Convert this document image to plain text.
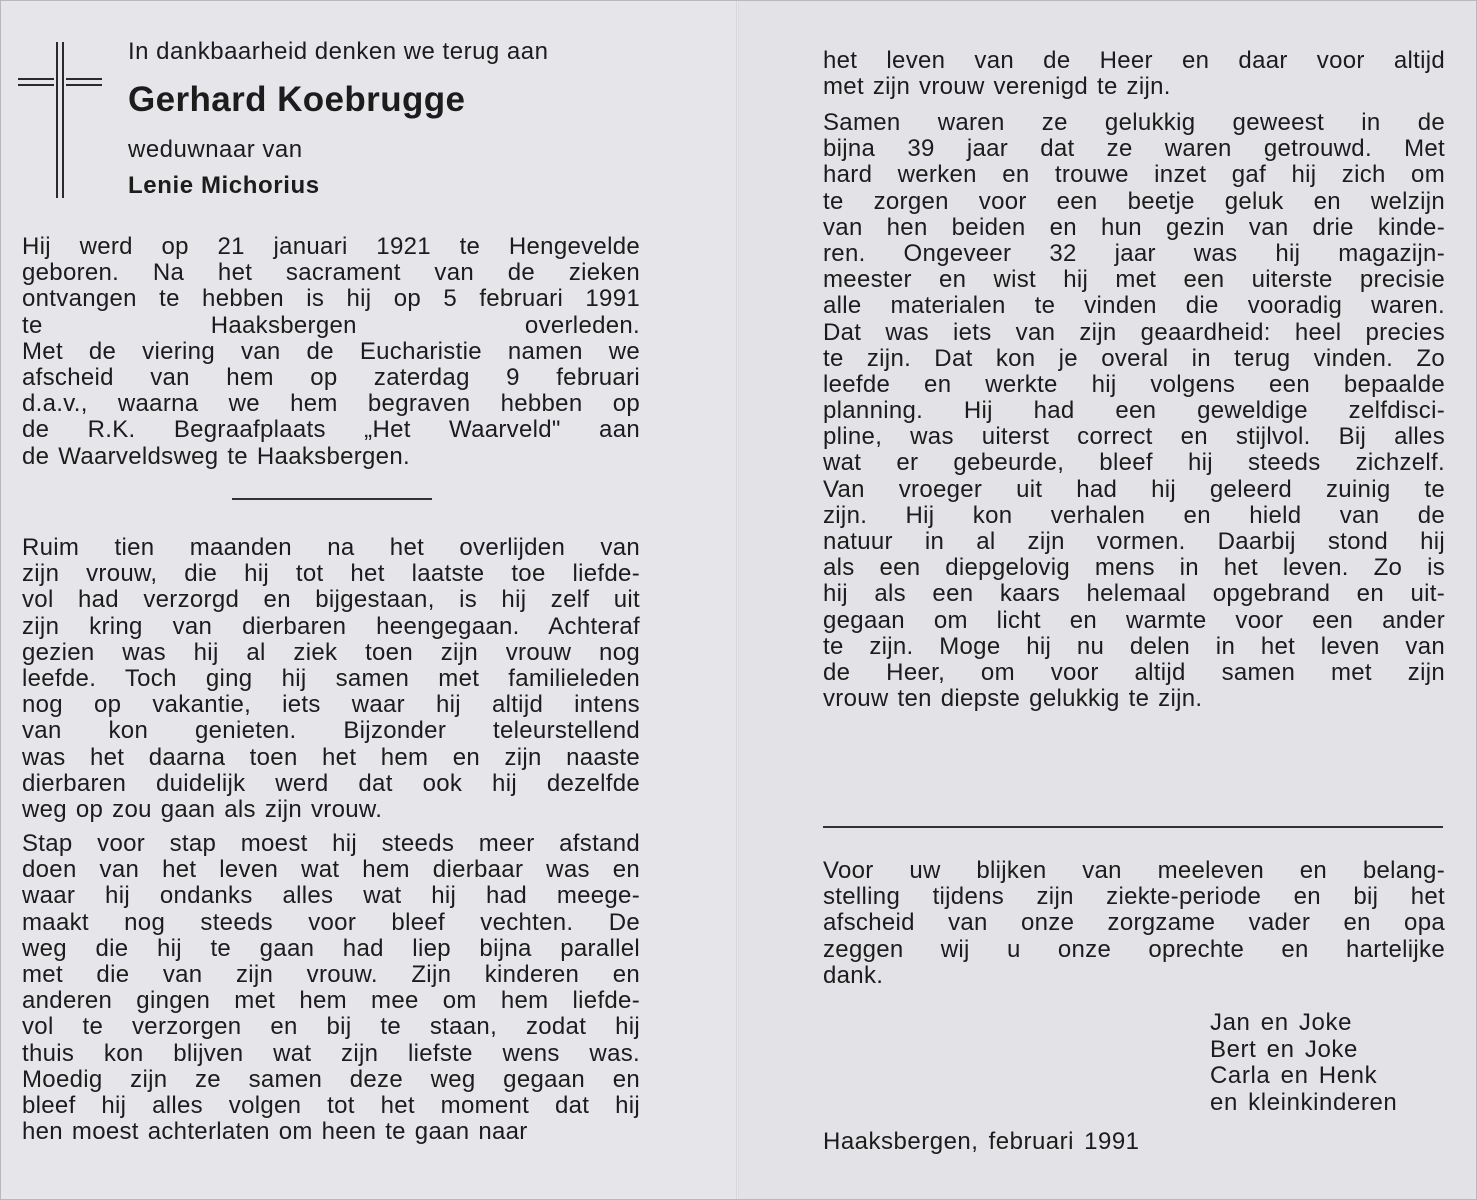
In dankbaarheid denken we terug aan
Gerhard Koebrugge
weduwnaar van
Lenie Michorius
Hij werd op 21 januari 1921 te Hengevelde
geboren. Na het sacrament van de zieken
ontvangen te hebben is hij op 5 februari 1991
te Haaksbergen overleden.
Met de viering van de Eucharistie namen we
afscheid van hem op zaterdag 9 februari
d.a.v., waarna we hem begraven hebben op
de R.K. Begraafplaats „Het Waarveld" aan
de Waarveldsweg te Haaksbergen.
Ruim tien maanden na het overlijden van
zijn vrouw, die hij tot het laatste toe liefde-
vol had verzorgd en bijgestaan, is hij zelf uit
zijn kring van dierbaren heengegaan. Achteraf
gezien was hij al ziek toen zijn vrouw nog
leefde. Toch ging hij samen met familieleden
nog op vakantie, iets waar hij altijd intens
van kon genieten. Bijzonder teleurstellend
was het daarna toen het hem en zijn naaste
dierbaren duidelijk werd dat ook hij dezelfde
weg op zou gaan als zijn vrouw.
Stap voor stap moest hij steeds meer afstand
doen van het leven wat hem dierbaar was en
waar hij ondanks alles wat hij had meege-
maakt nog steeds voor bleef vechten. De
weg die hij te gaan had liep bijna parallel
met die van zijn vrouw. Zijn kinderen en
anderen gingen met hem mee om hem liefde-
vol te verzorgen en bij te staan, zodat hij
thuis kon blijven wat zijn liefste wens was.
Moedig zijn ze samen deze weg gegaan en
bleef hij alles volgen tot het moment dat hij
hen moest achterlaten om heen te gaan naar
het leven van de Heer en daar voor altijd
met zijn vrouw verenigd te zijn.
Samen waren ze gelukkig geweest in de
bijna 39 jaar dat ze waren getrouwd. Met
hard werken en trouwe inzet gaf hij zich om
te zorgen voor een beetje geluk en welzijn
van hen beiden en hun gezin van drie kinde-
ren. Ongeveer 32 jaar was hij magazijn-
meester en wist hij met een uiterste precisie
alle materialen te vinden die vooradig waren.
Dat was iets van zijn geaardheid: heel precies
te zijn. Dat kon je overal in terug vinden. Zo
leefde en werkte hij volgens een bepaalde
planning. Hij had een geweldige zelfdisci-
pline, was uiterst correct en stijlvol. Bij alles
wat er gebeurde, bleef hij steeds zichzelf.
Van vroeger uit had hij geleerd zuinig te
zijn. Hij kon verhalen en hield van de
natuur in al zijn vormen. Daarbij stond hij
als een diepgelovig mens in het leven. Zo is
hij als een kaars helemaal opgebrand en uit-
gegaan om licht en warmte voor een ander
te zijn. Moge hij nu delen in het leven van
de Heer, om voor altijd samen met zijn
vrouw ten diepste gelukkig te zijn.
Voor uw blijken van meeleven en belang-
stelling tijdens zijn ziekte-periode en bij het
afscheid van onze zorgzame vader en opa
zeggen wij u onze oprechte en hartelijke
dank.
Jan en Joke
Bert en Joke
Carla en Henk
en kleinkinderen
Haaksbergen, februari 1991
